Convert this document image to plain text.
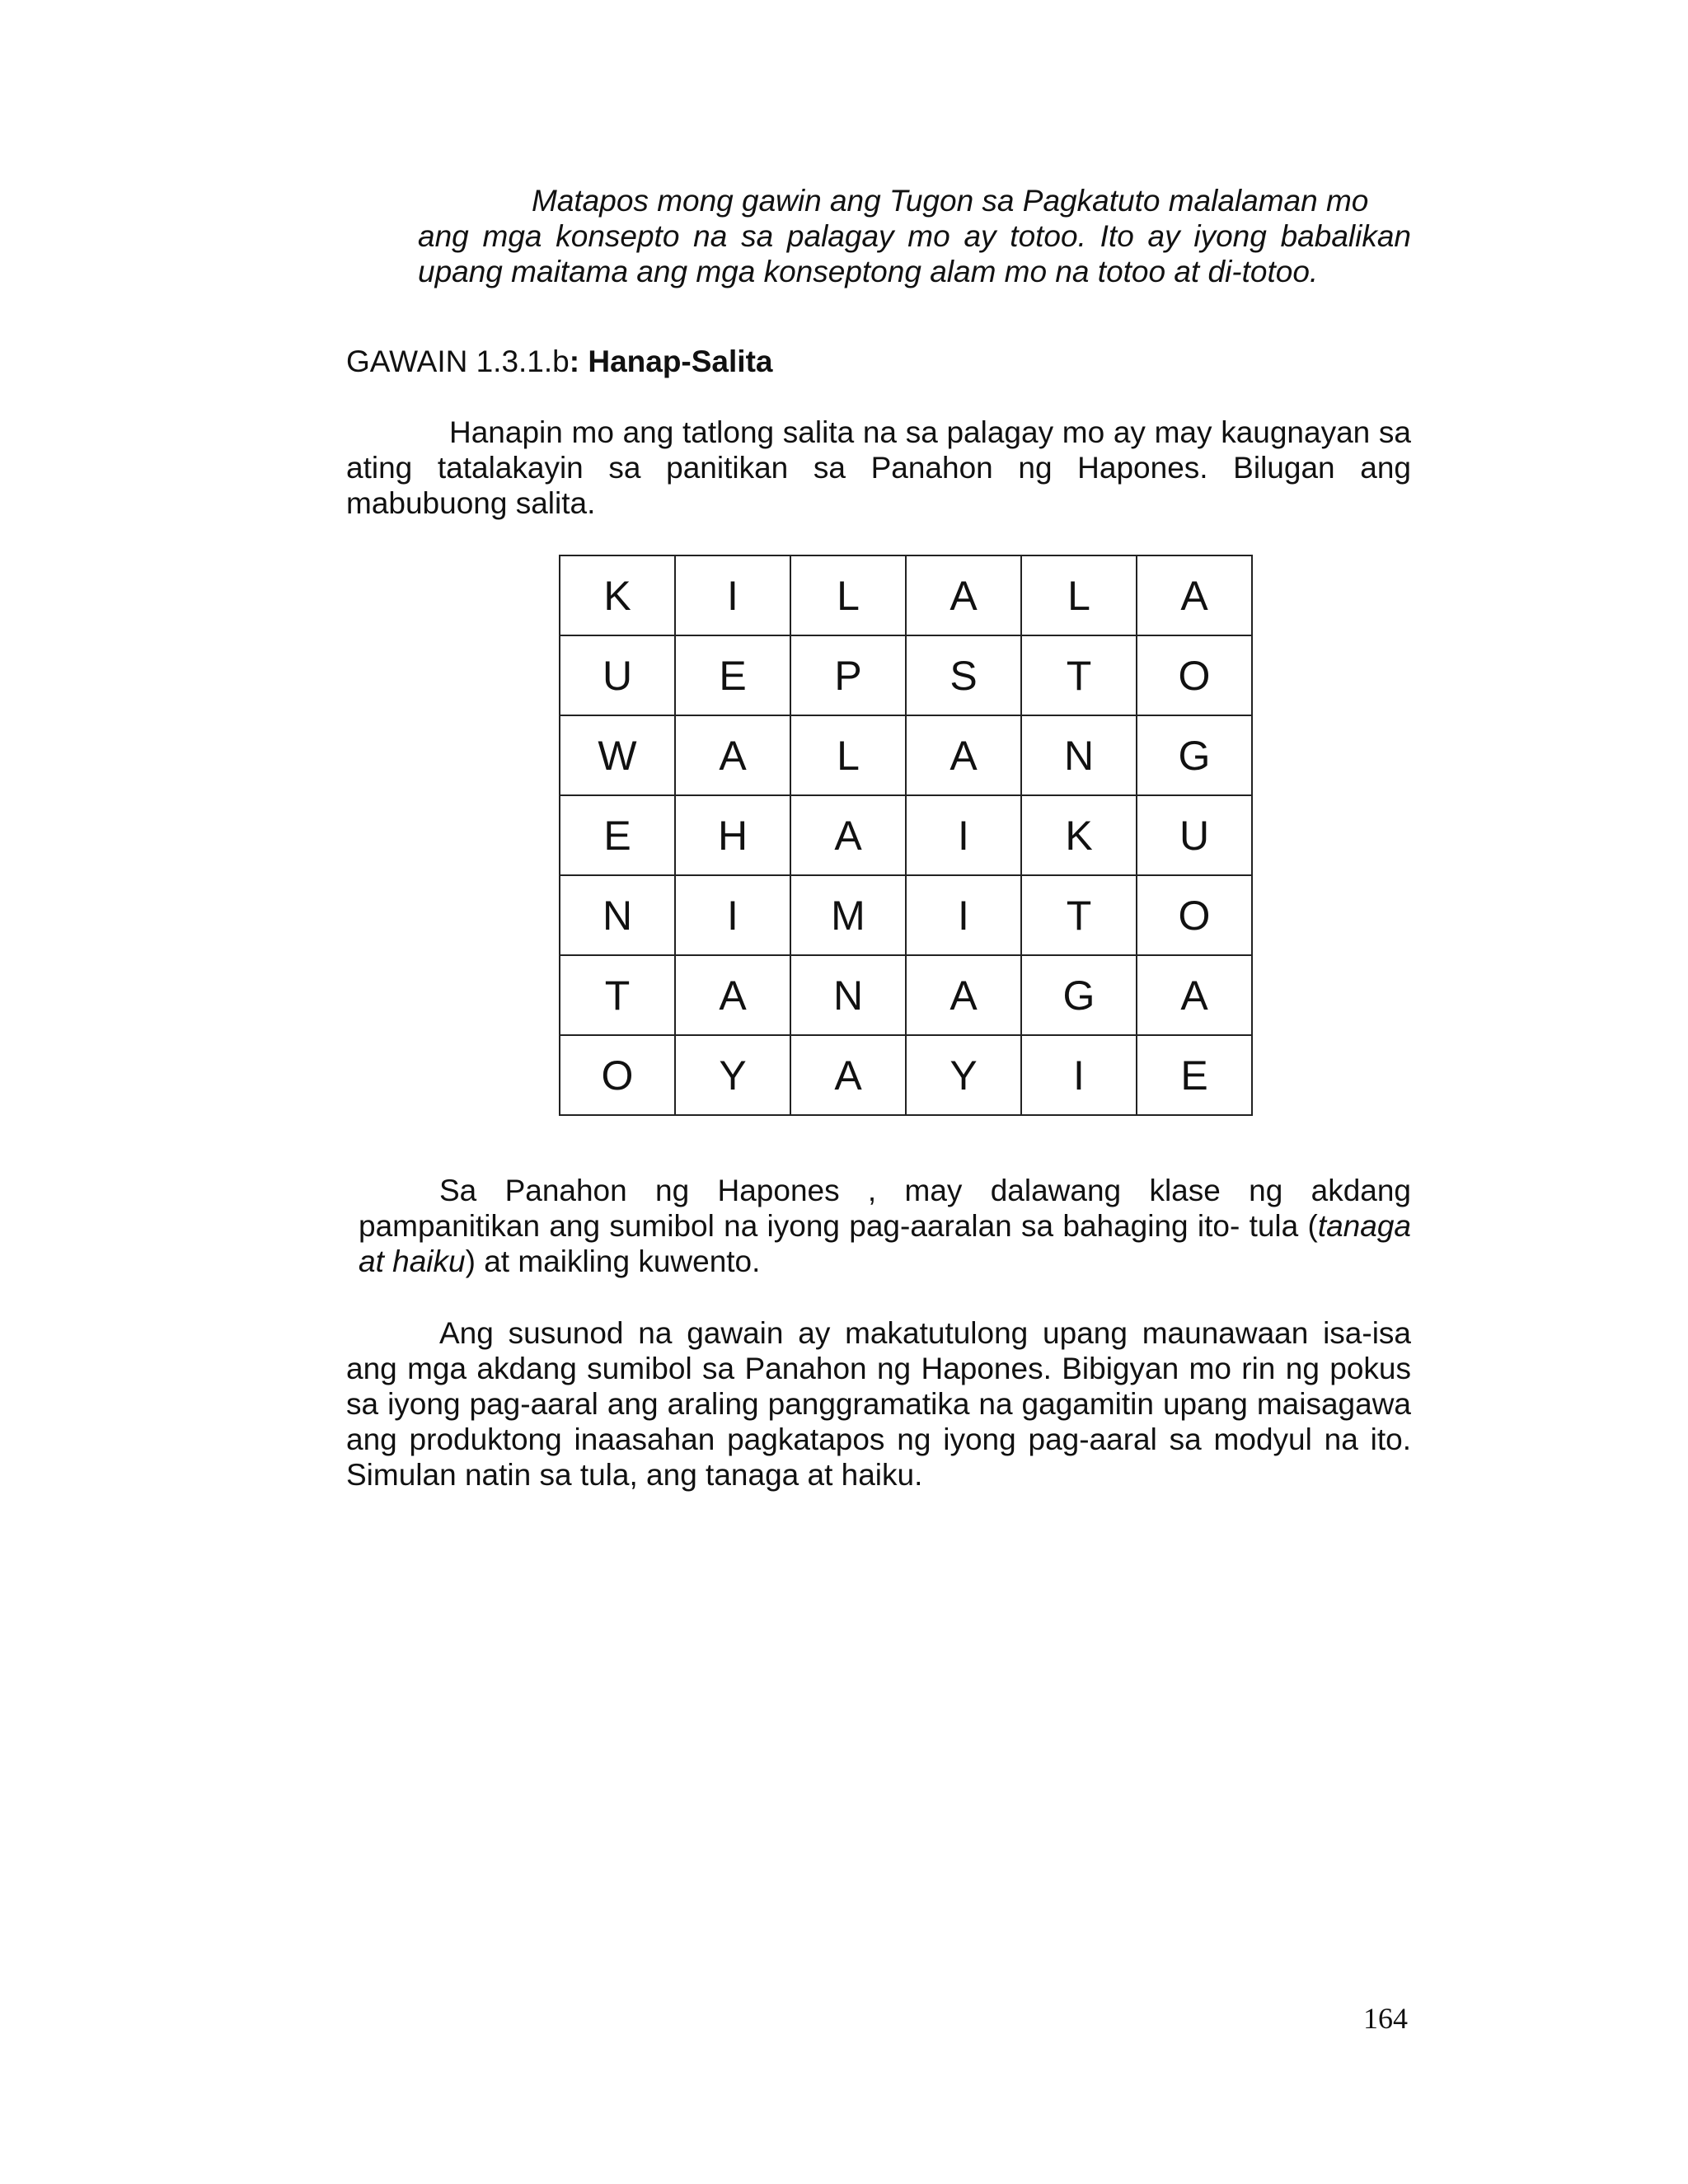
Matapos mong gawin ang Tugon sa Pagkatuto malalaman mo
ang mga konsepto na sa palagay mo ay totoo. Ito ay iyong babalikan
upang maitama ang mga konseptong alam mo na totoo at di-totoo.
GAWAIN 1.3.1.b: Hanap-Salita
Hanapin mo ang tatlong salita na sa palagay mo ay may kaugnayan sa ating tatalakayin sa panitikan sa Panahon ng Hapones. Bilugan ang mabubuong salita.
K	I	L	A	L	A
U	E	P	S	T	O
W	A	L	A	N	G
E	H	A	I	K	U
N	I	M	I	T	O
T	A	N	A	G	A
O	Y	A	Y	I	E
Sa Panahon ng Hapones , may dalawang klase ng akdang pampanitikan ang sumibol na iyong pag-aaralan sa bahaging ito- tula (tanaga at haiku) at maikling kuwento.
Ang susunod na gawain ay makatutulong upang maunawaan isa-isa ang mga akdang sumibol sa Panahon ng Hapones. Bibigyan mo rin ng pokus sa iyong pag-aaral ang araling panggramatika na gagamitin upang maisagawa ang produktong inaasahan pagkatapos ng iyong pag-aaral sa modyul na ito. Simulan natin sa tula, ang tanaga at haiku.
164
